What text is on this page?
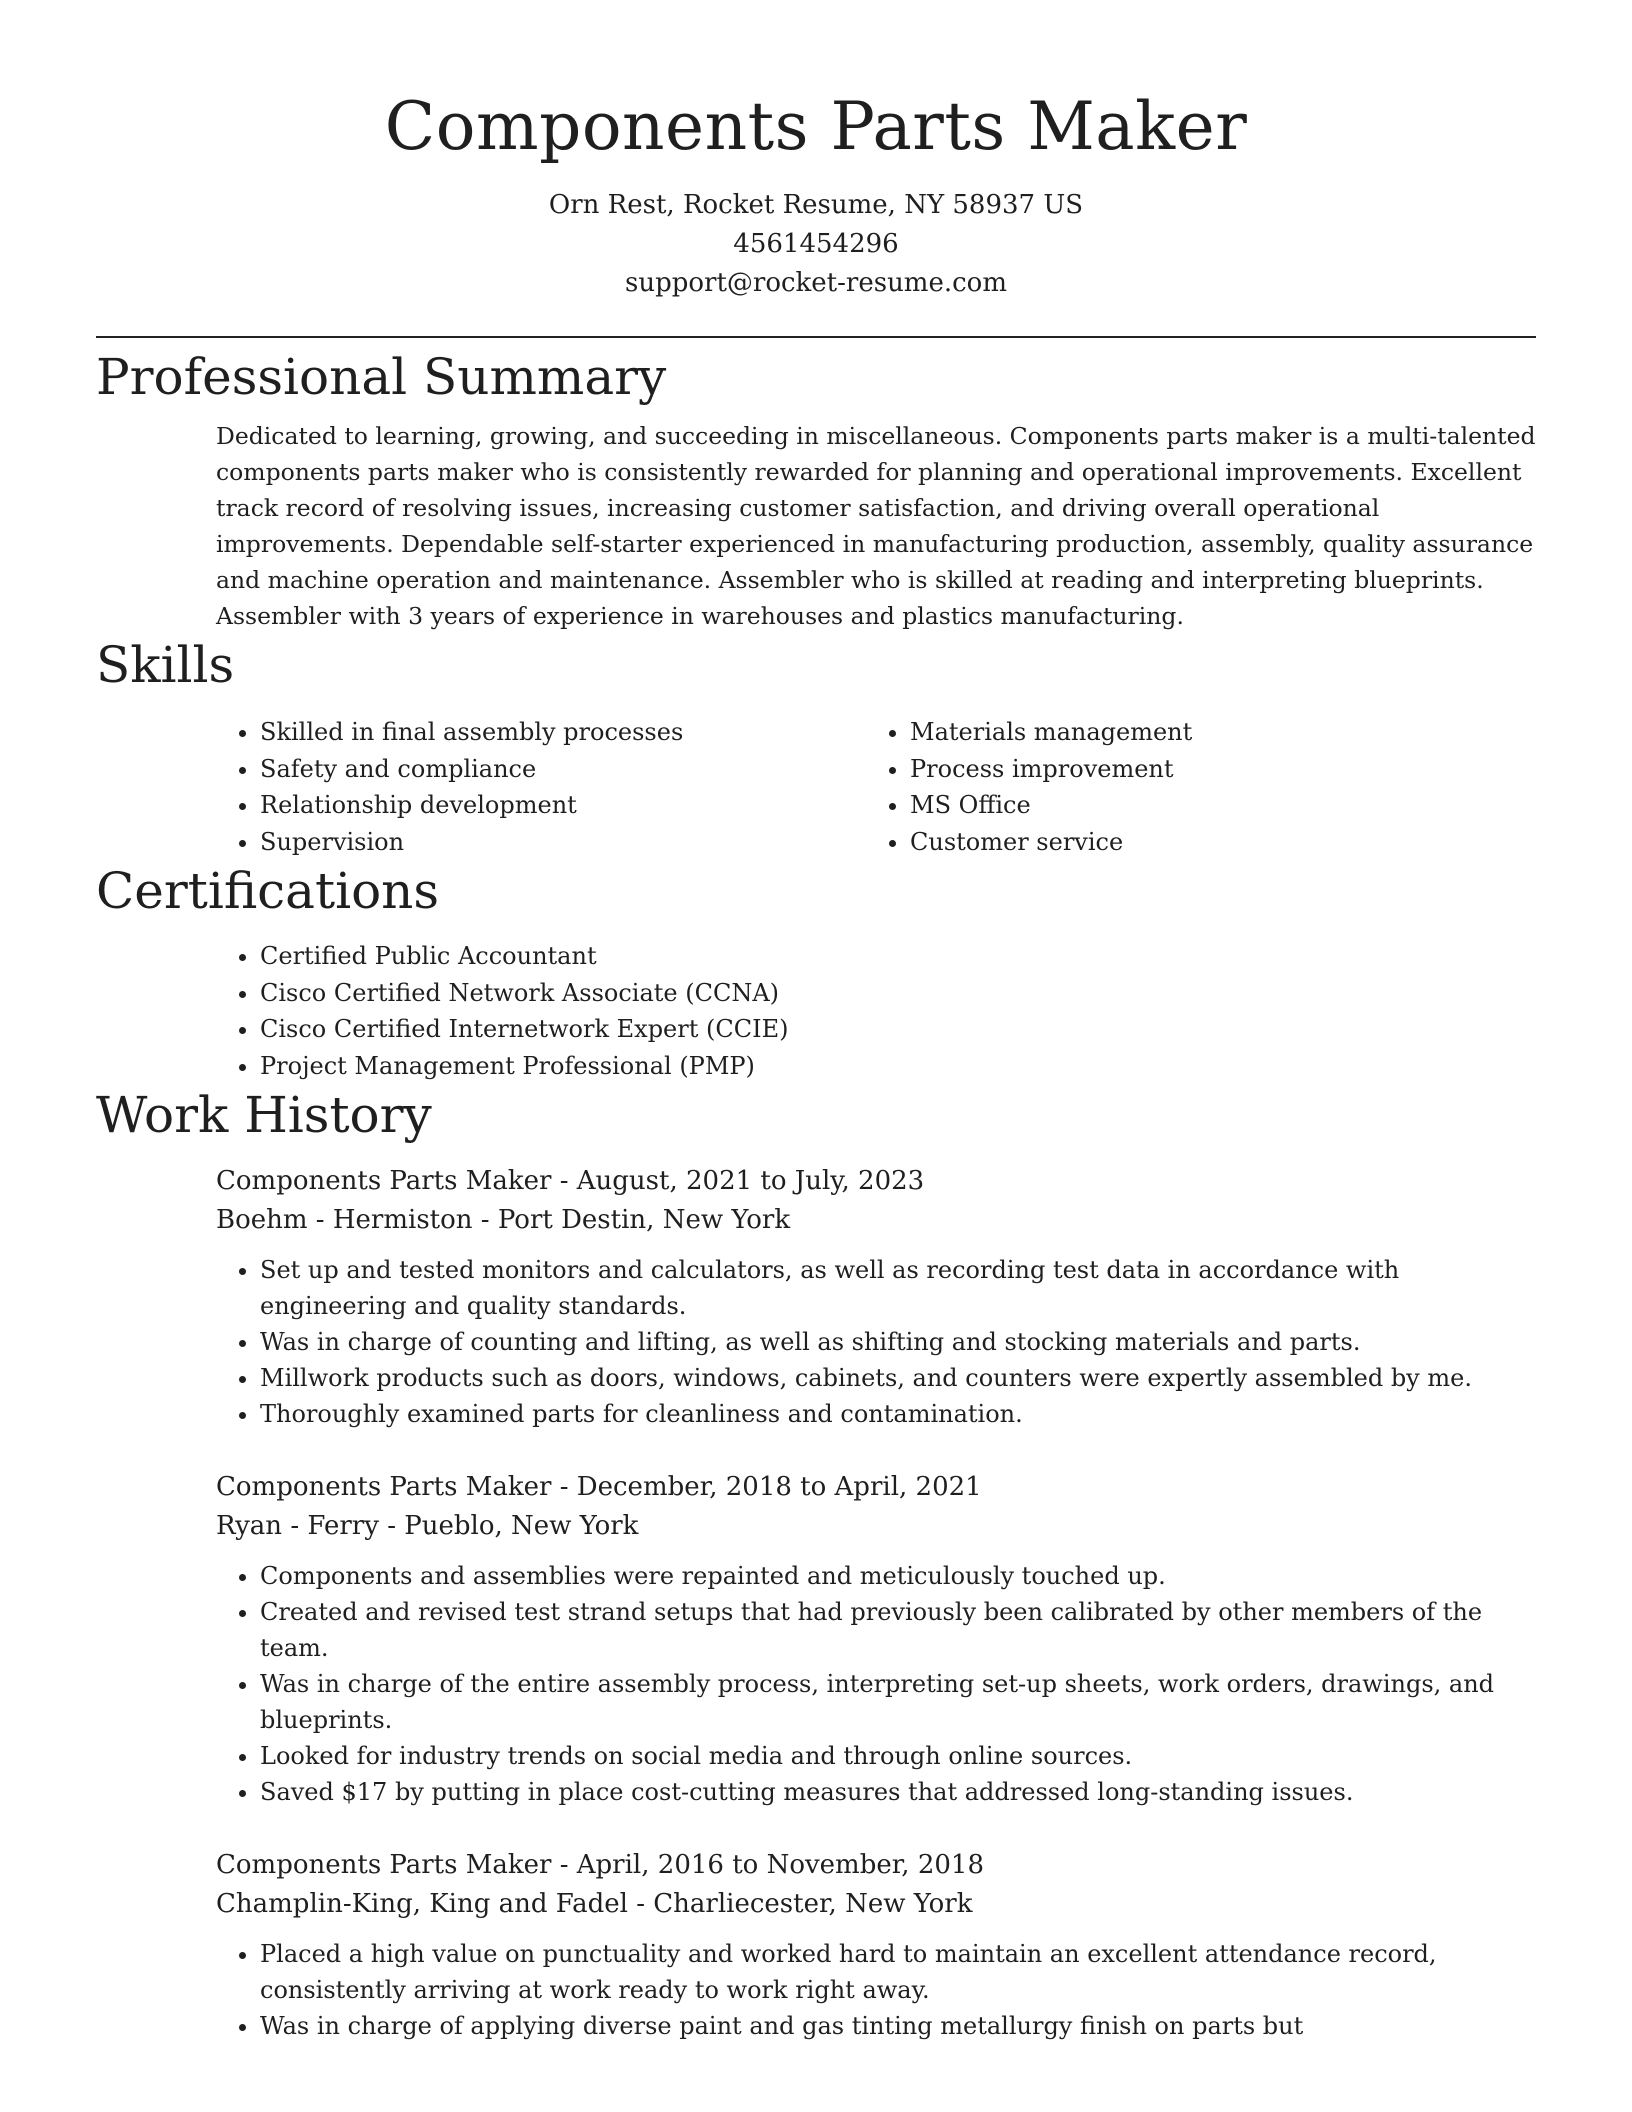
Components Parts Maker
Orn Rest, Rocket Resume, NY 58937 US
4561454296
support@rocket-resume.com
Professional Summary

Dedicated to learning, growing, and succeeding in miscellaneous. Components parts maker is a multi-talented components parts maker who is consistently rewarded for planning and operational improvements. Excellent track record of resolving issues, increasing customer satisfaction, and driving overall operational improvements. Dependable self-starter experienced in manufacturing production, assembly, quality assurance and machine operation and maintenance. Assembler who is skilled at reading and interpreting blueprints. Assembler with 3 years of experience in warehouses and plastics manufacturing.

Skills
• Skilled in final assembly processes
• Safety and compliance
• Relationship development
• Supervision
• Materials management
• Process improvement
• MS Office
• Customer service
Certifications
• Certified Public Accountant
• Cisco Certified Network Associate (CCNA)
• Cisco Certified Internetwork Expert (CCIE)
• Project Management Professional (PMP)
Work History
Components Parts Maker - August, 2021 to July, 2023
Boehm - Hermiston - Port Destin, New York
• Set up and tested monitors and calculators, as well as recording test data in accordance with engineering and quality standards.
• Was in charge of counting and lifting, as well as shifting and stocking materials and parts.
• Millwork products such as doors, windows, cabinets, and counters were expertly assembled by me.
• Thoroughly examined parts for cleanliness and contamination.
Components Parts Maker - December, 2018 to April, 2021
Ryan - Ferry - Pueblo, New York
• Components and assemblies were repainted and meticulously touched up.
• Created and revised test strand setups that had previously been calibrated by other members of the team.
• Was in charge of the entire assembly process, interpreting set-up sheets, work orders, drawings, and blueprints.
• Looked for industry trends on social media and through online sources.
• Saved $17 by putting in place cost-cutting measures that addressed long-standing issues.
Components Parts Maker - April, 2016 to November, 2018
Champlin-King, King and Fadel - Charliecester, New York
• Placed a high value on punctuality and worked hard to maintain an excellent attendance record, consistently arriving at work ready to work right away.
• Was in charge of applying diverse paint and gas tinting metallurgy finish on parts but
